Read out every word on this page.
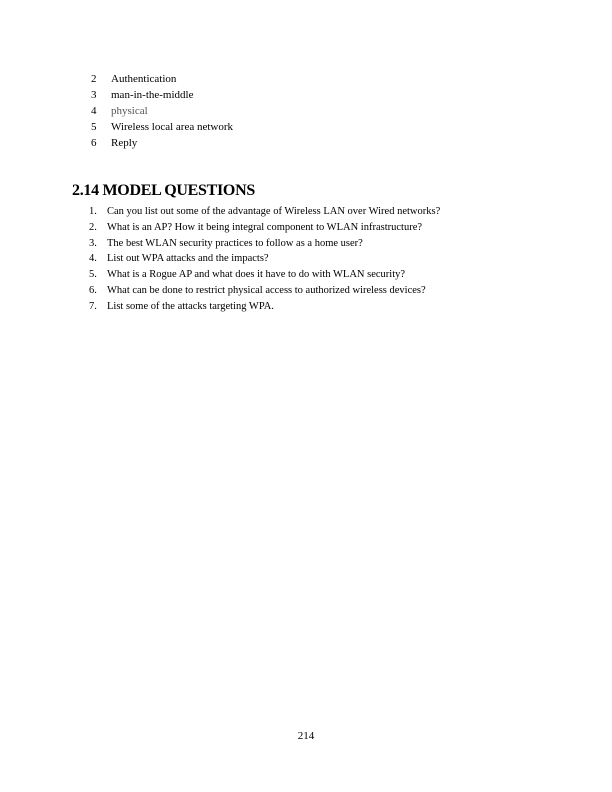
2	Authentication
3	man-in-the-middle
4	physical
5	Wireless local area network
6	Reply
2.14 MODEL QUESTIONS
1. Can you list out some of the advantage of Wireless LAN over Wired networks?
2. What is an AP? How it being integral component to WLAN infrastructure?
3. The best WLAN security practices to follow as a home user?
4. List out WPA attacks and the impacts?
5. What is a Rogue AP and what does it have to do with WLAN security?
6. What can be done to restrict physical access to authorized wireless devices?
7. List some of the attacks targeting WPA.
214
